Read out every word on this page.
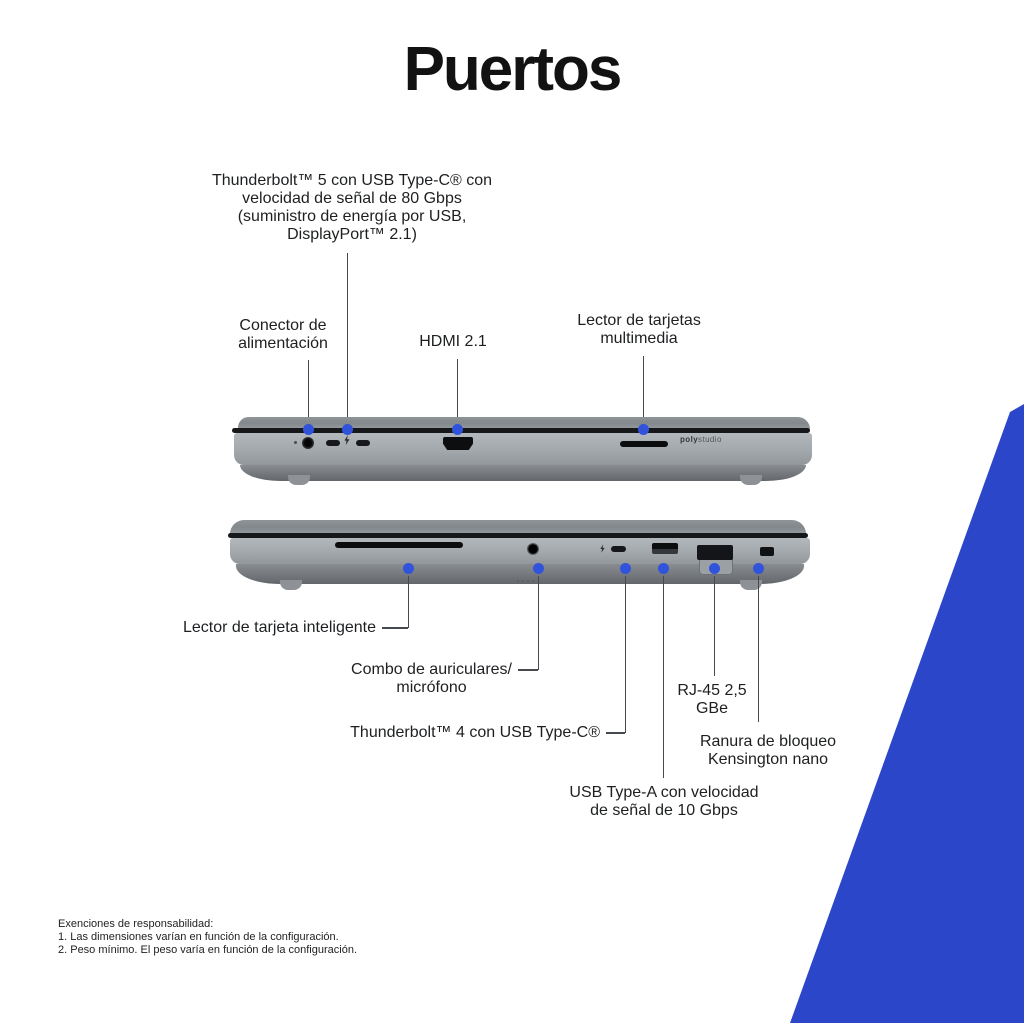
Puertos
Thunderbolt™ 5 con USB Type-C® con
velocidad de señal de 80 Gbps
(suministro de energía por USB,
DisplayPort™ 2.1)
Conector de
alimentación	HDMI 2.1
Lector de tarjetas
multimedia
polystudio
Lector de tarjeta inteligente
Combo de auriculares/
micrófono
Thunderbolt™ 4 con USB Type-C®
USB Type-A con velocidad
de señal de 10 Gbps
RJ-45 2,5
GBe
Ranura de bloqueo
Kensington nano
Exenciones de responsabilidad:
1. Las dimensiones varían en función de la configuración.
2. Peso mínimo. El peso varía en función de la configuración.
